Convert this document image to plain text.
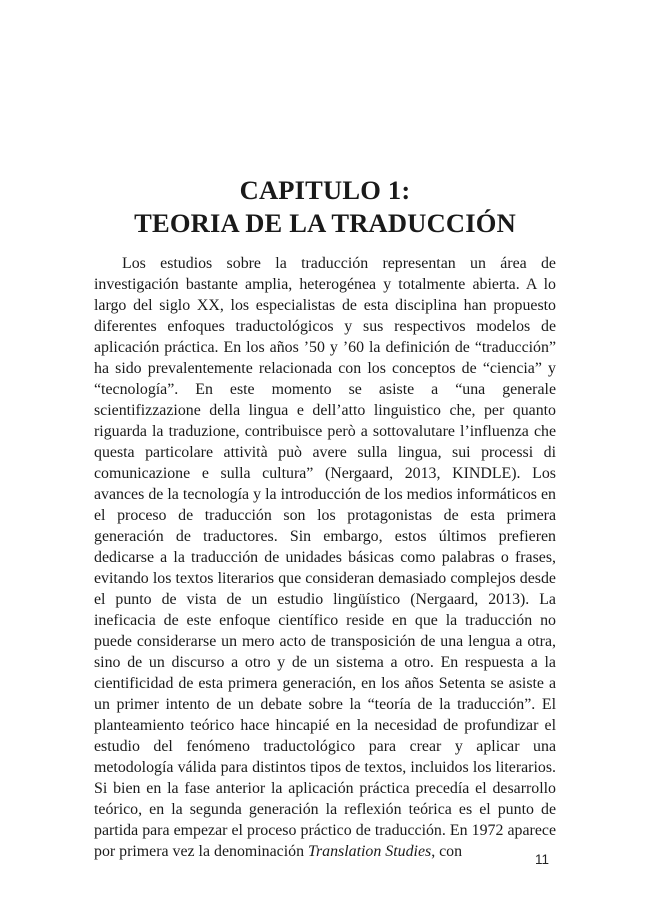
CAPITULO 1:
TEORIA DE LA TRADUCCIÓN

Los estudios sobre la traducción representan un área de investigación bastante amplia, heterogénea y totalmente abierta. A lo largo del siglo XX, los especialistas de esta disciplina han propuesto diferentes enfoques traductológicos y sus respectivos modelos de aplicación práctica. En los años ’50 y ’60 la definición de “traducción” ha sido prevalentemente relacionada con los conceptos de “ciencia” y “tecnología”. En este momento se asiste a “una generale scientifizzazione della lingua e dell’atto linguistico che, per quanto riguarda la traduzione, contribuisce però a sottovalutare l’influenza che questa particolare attività può avere sulla lingua, sui processi di comunicazione e sulla cultura” (Nergaard, 2013, KINDLE). Los avances de la tecnología y la introducción de los medios informáticos en el proceso de traducción son los protagonistas de esta primera generación de traductores. Sin embargo, estos últimos prefieren dedicarse a la traducción de unidades básicas como palabras o frases, evitando los textos literarios que consideran demasiado complejos desde el punto de vista de un estudio lingüístico (Nergaard, 2013). La ineficacia de este enfoque científico reside en que la traducción no puede considerarse un mero acto de transposición de una lengua a otra, sino de un discurso a otro y de un sistema a otro. En respuesta a la cientificidad de esta primera generación, en los años Setenta se asiste a un primer intento de un debate sobre la “teoría de la traducción”. El planteamiento teórico hace hincapié en la necesidad de profundizar el estudio del fenómeno traductológico para crear y aplicar una metodología válida para distintos tipos de textos, incluidos los literarios. Si bien en la fase anterior la aplicación práctica precedía el desarrollo teórico, en la segunda generación la reflexión teórica es el punto de partida para empezar el proceso práctico de traducción. En 1972 aparece por primera vez la denominación Translation Studies, con	11
